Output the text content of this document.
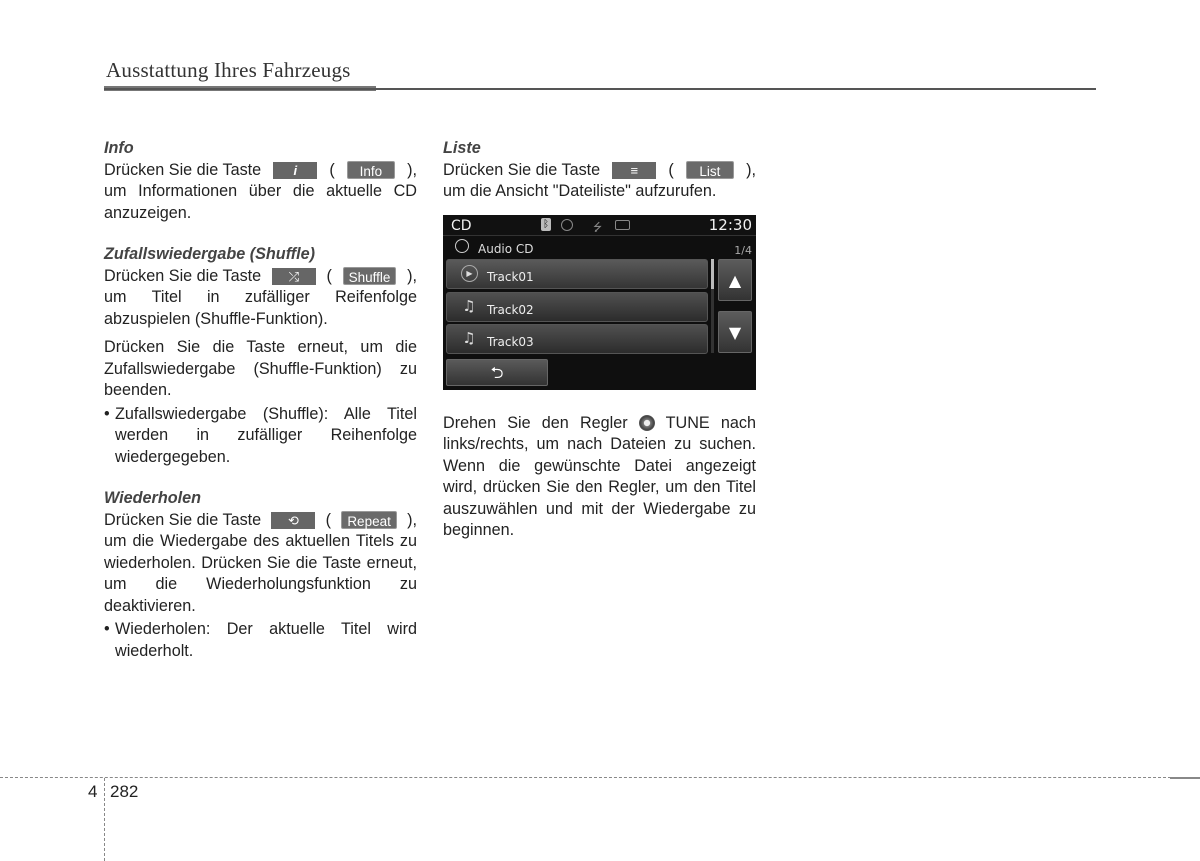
Ausstattung Ihres Fahrzeugs

Info

Drücken Sie die Taste	i	(	Info	),

um Informationen über die aktuelle CD anzuzeigen.

Zufallswiedergabe (Shuffle)

Drücken Sie die Taste	⤮	(	Shuffle	),

um Titel in zufälliger Reifenfolge abzuspielen (Shuffle-Funktion).

Drücken Sie die Taste erneut, um die Zufallswiedergabe (Shuffle-Funktion) zu beenden.

• Zufallswiedergabe (Shuffle): Alle Titel werden in zufälliger Reihenfolge wiedergegeben.

Wiederholen

Drücken Sie die Taste	⟲	(	Repeat	),

um die Wiedergabe des aktuellen Titels zu wiederholen. Drücken Sie die Taste erneut, um die Wiederholungsfunktion zu deaktivieren.

• Wiederholen: Der aktuelle Titel wird wiederholt.

Liste

Drücken Sie die Taste	≡	(	List	),

um die Ansicht "Dateiliste" aufzurufen.

CD	ᛒ	⭍	12:30
Audio CD	1/4
▶	Track01
♫ Track02
♫ Track03
▲
▼
⮌

Drehen Sie den Regler TUNE nach links/rechts, um nach Dateien zu suchen. Wenn die gewünschte Datei angezeigt wird, drücken Sie den Regler, um den Titel auszuwählen und mit der Wiedergabe zu beginnen.

4 282
